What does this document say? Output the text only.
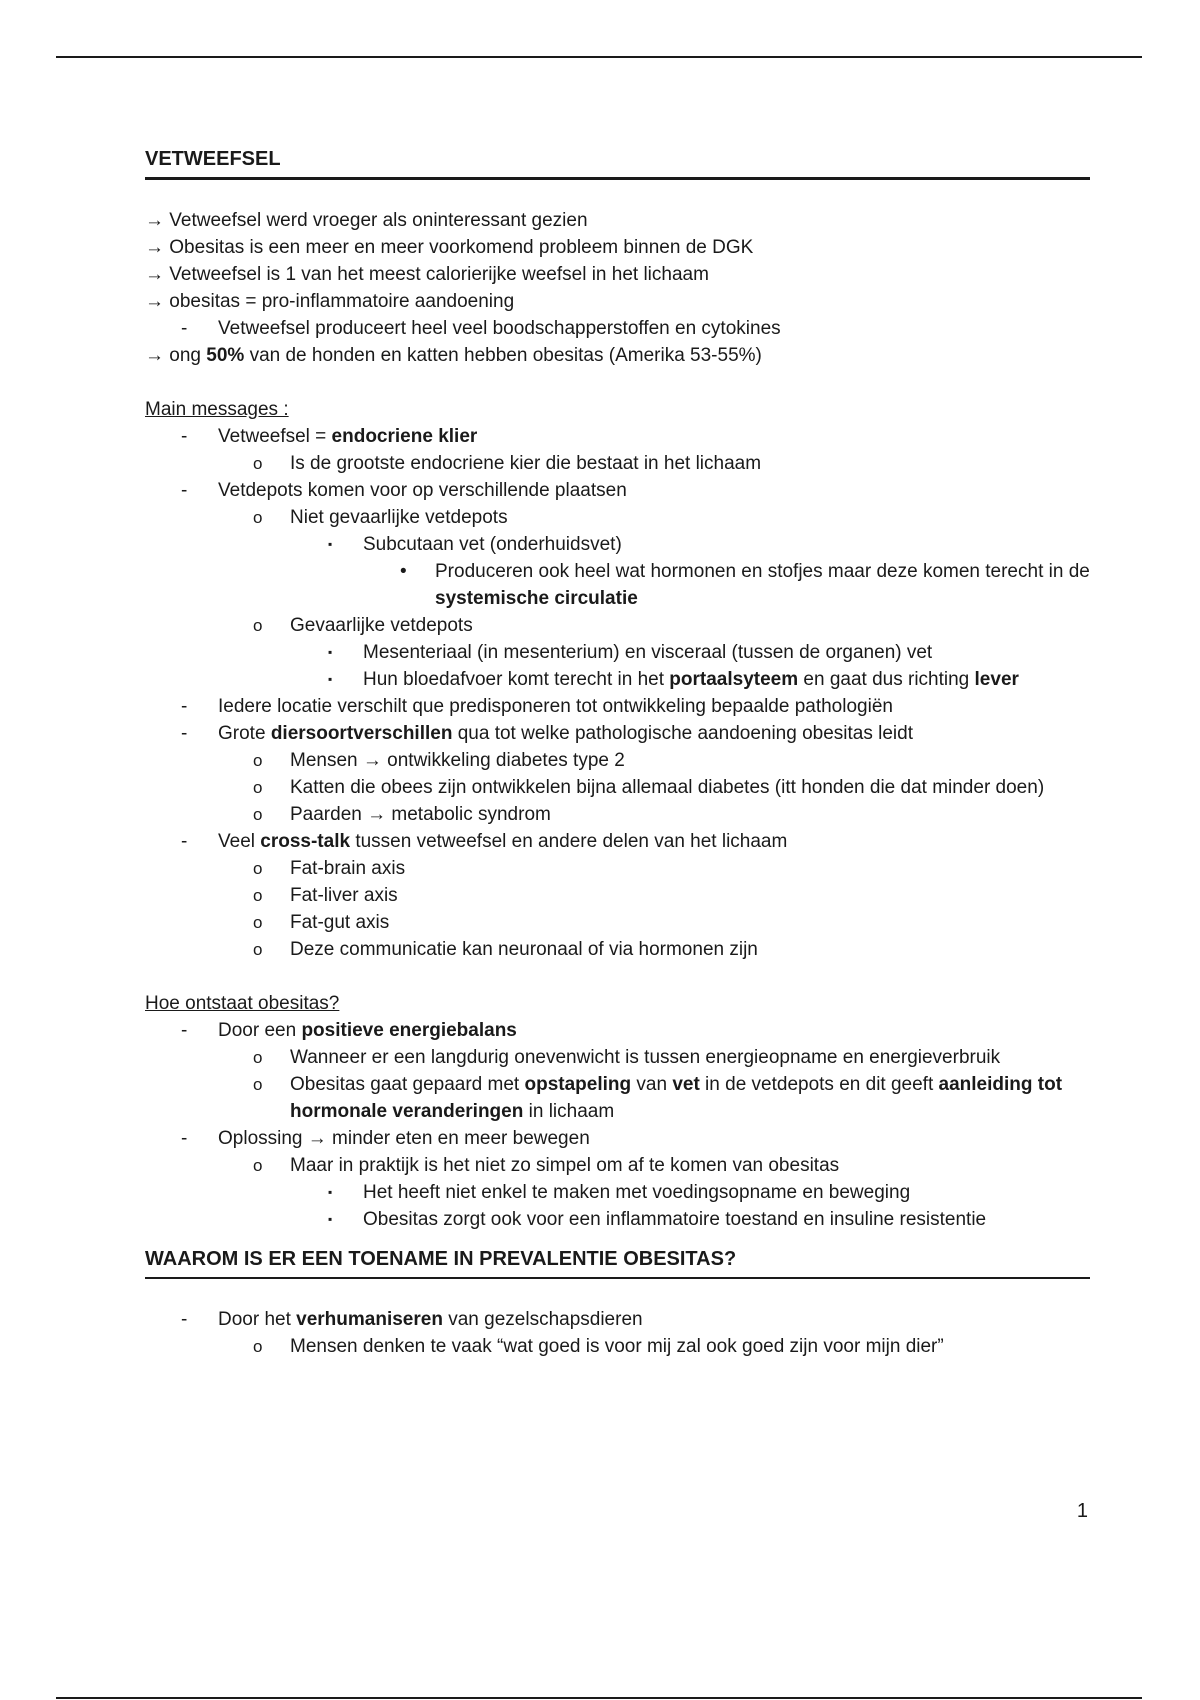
VETWEEFSEL
→ Vetweefsel werd vroeger als oninteressant gezien
→ Obesitas is een meer en meer voorkomend probleem binnen de DGK
→ Vetweefsel is 1 van het meest calorierijke weefsel in het lichaam
→ obesitas = pro-inflammatoire aandoening
- Vetweefsel produceert heel veel boodschapperstoffen en cytokines
→ ong 50% van de honden en katten hebben obesitas (Amerika 53-55%)
Main messages :
- Vetweefsel = endocriene klier
o Is de grootste endocriene kier die bestaat in het lichaam
- Vetdepots komen voor op verschillende plaatsen
o Niet gevaarlijke vetdepots
▪ Subcutaan vet (onderhuidsvet)
• Produceren ook heel wat hormonen en stofjes maar deze komen terecht in de systemische circulatie
o Gevaarlijke vetdepots
▪ Mesenteriaal (in mesenterium) en visceraal (tussen de organen) vet
▪ Hun bloedafvoer komt terecht in het portaalsyteem en gaat dus richting lever
- Iedere locatie verschilt que predisponeren tot ontwikkeling bepaalde pathologiën
- Grote diersoortverschillen qua tot welke pathologische aandoening obesitas leidt
o Mensen → ontwikkeling diabetes type 2
o Katten die obees zijn ontwikkelen bijna allemaal diabetes (itt honden die dat minder doen)
o Paarden → metabolic syndrom
- Veel cross-talk tussen vetweefsel en andere delen van het lichaam
o Fat-brain axis
o Fat-liver axis
o Fat-gut axis
o Deze communicatie kan neuronaal of via hormonen zijn
Hoe ontstaat obesitas?
- Door een positieve energiebalans
o Wanneer er een langdurig onevenwicht is tussen energieopname en energieverbruik
o Obesitas gaat gepaard met opstapeling van vet in de vetdepots en dit geeft aanleiding tot hormonale veranderingen in lichaam
- Oplossing → minder eten en meer bewegen
o Maar in praktijk is het niet zo simpel om af te komen van obesitas
▪ Het heeft niet enkel te maken met voedingsopname en beweging
▪ Obesitas zorgt ook voor een inflammatoire toestand en insuline resistentie
WAAROM IS ER EEN TOENAME IN PREVALENTIE OBESITAS?
- Door het verhumaniseren van gezelschapsdieren
o Mensen denken te vaak “wat goed is voor mij zal ook goed zijn voor mijn dier”
1
